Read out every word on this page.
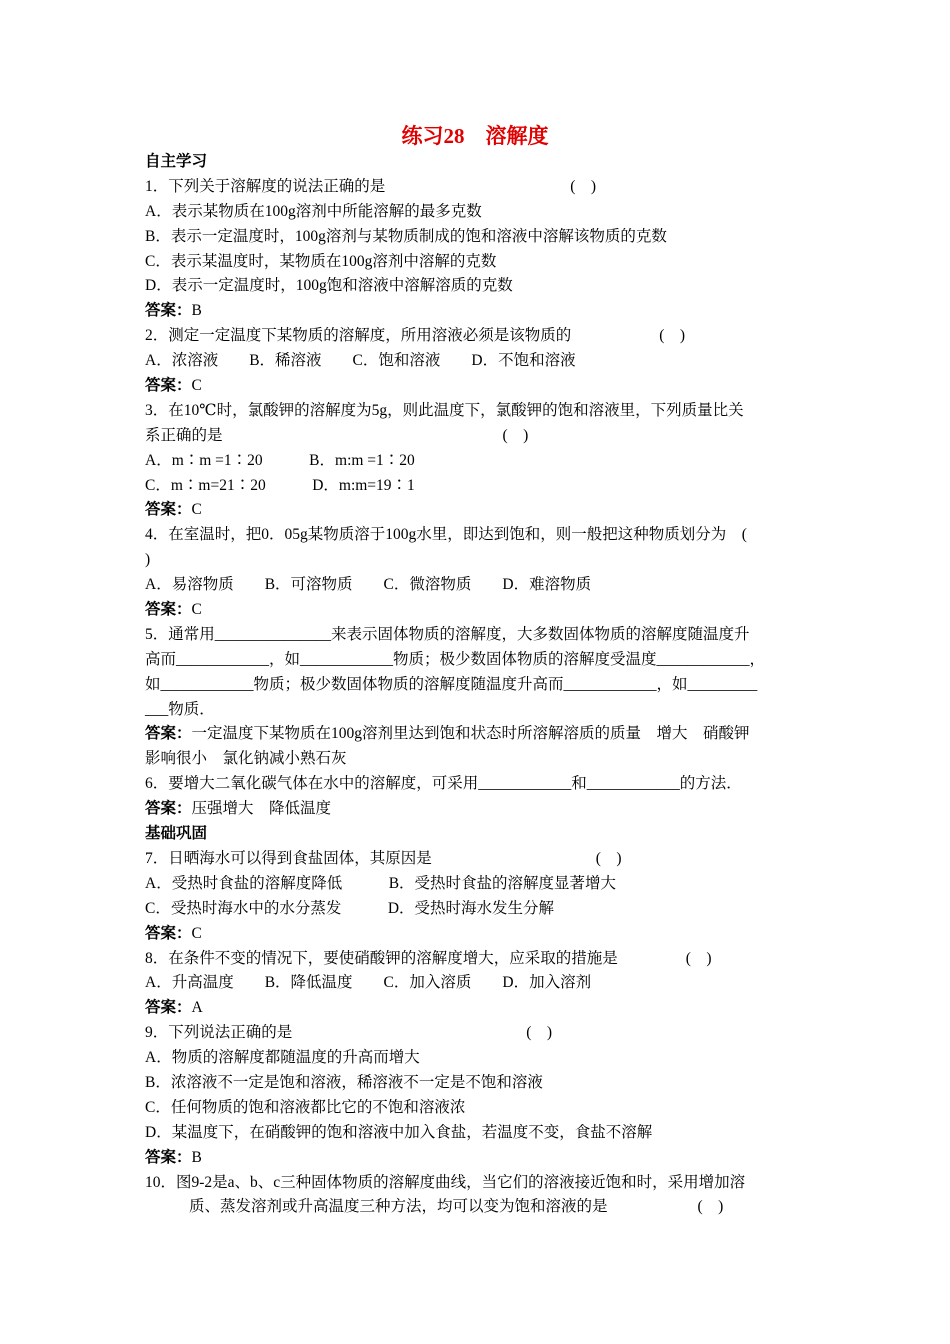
练习28　溶解度
自主学习
1．下列关于溶解度的说法正确的是	(　)
A．表示某物质在100g溶剂中所能溶解的最多克数
B．表示一定温度时，100g溶剂与某物质制成的饱和溶液中溶解该物质的克数
C．表示某温度时，某物质在100g溶剂中溶解的克数
D．表示一定温度时，100g饱和溶液中溶解溶质的克数
答案：B
2．测定一定温度下某物质的溶解度，所用溶液必须是该物质的	(　)
A．浓溶液　　B．稀溶液　　C．饱和溶液　　D．不饱和溶液
答案：C
3．在10℃时，氯酸钾的溶解度为5g，则此温度下，氯酸钾的饱和溶液里，下列质量比关
系正确的是	(　)
A．m∶m =1∶20　　　B．m:m =1∶20
C．m∶m=21∶20　　　D．m:m=19∶1
答案：C
4．在室温时，把0．05g某物质溶于100g水里，即达到饱和，则一般把这种物质划分为　(
)
A．易溶物质　　B．可溶物质　　C．微溶物质　　D．难溶物质
答案：C
5．通常用_______________来表示固体物质的溶解度，大多数固体物质的溶解度随温度升
高而____________，如____________物质；极少数固体物质的溶解度受温度____________，
如____________物质；极少数固体物质的溶解度随温度升高而____________，如_________
___物质．
答案：一定温度下某物质在100g溶剂里达到饱和状态时所溶解溶质的质量　增大　硝酸钾
影响很小　氯化钠减小熟石灰
6．要增大二氧化碳气体在水中的溶解度，可采用____________和____________的方法．
答案：压强增大　降低温度
基础巩固
7．日晒海水可以得到食盐固体，其原因是	(　)
A．受热时食盐的溶解度降低　　　B．受热时食盐的溶解度显著增大
C．受热时海水中的水分蒸发　　　D．受热时海水发生分解
答案：C
8．在条件不变的情况下，要使硝酸钾的溶解度增大，应采取的措施是	(　)
A．升高温度　　B．降低温度　　C．加入溶质　　D．加入溶剂
答案：A
9．下列说法正确的是	(　)
A．物质的溶解度都随温度的升高而增大
B．浓溶液不一定是饱和溶液，稀溶液不一定是不饱和溶液
C．任何物质的饱和溶液都比它的不饱和溶液浓
D．某温度下，在硝酸钾的饱和溶液中加入食盐，若温度不变，食盐不溶解
答案：B
10．图9-2是a、b、c三种固体物质的溶解度曲线，当它们的溶液接近饱和时，采用增加溶
质、蒸发溶剂或升高温度三种方法，均可以变为饱和溶液的是	(　)
